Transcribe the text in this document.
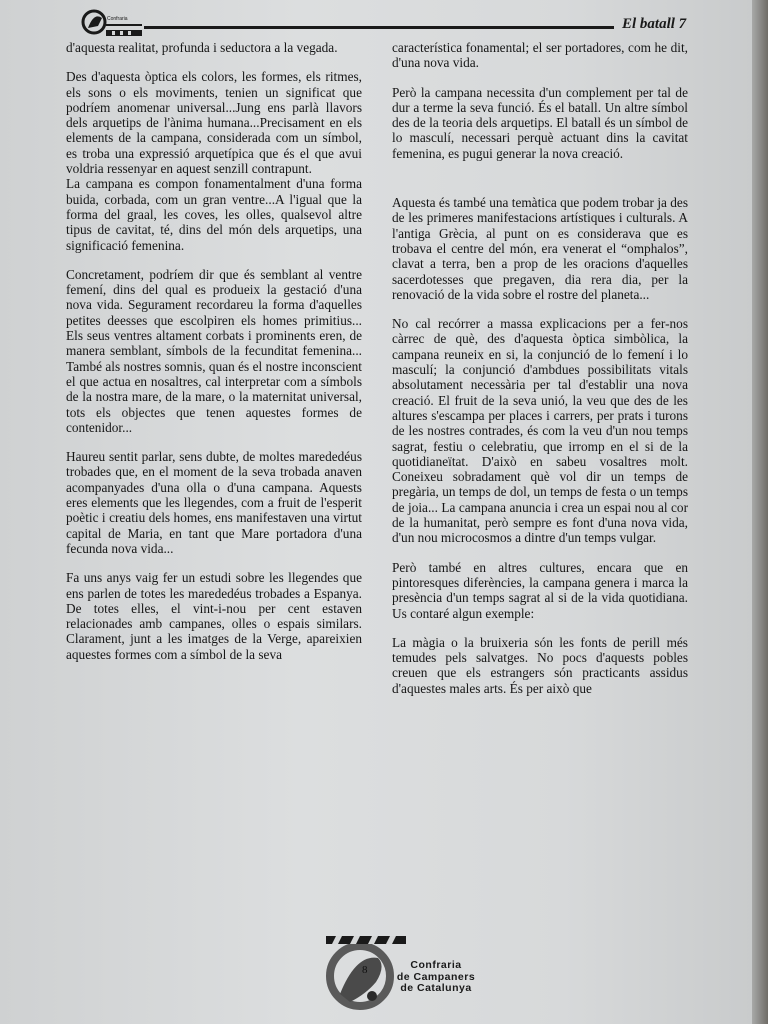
Confraria	El batall 7

d'aquesta realitat, profunda i seductora a la vegada.

Des d'aquesta òptica els colors, les formes, els ritmes, els sons o els moviments, tenien un significat que podríem anomenar universal...Jung ens parlà llavors dels arquetips de l'ànima humana...Precisament en els elements de la campana, considerada com un símbol, es troba una expressió arquetípica que és el que avui voldria ressenyar en aquest senzill contrapunt.

La campana es compon fonamentalment d'una forma buida, corbada, com un gran ventre...A l'igual que la forma del graal, les coves, les olles, qualsevol altre tipus de cavitat, té, dins del món dels arquetips, una significació femenina.

Concretament, podríem dir que és semblant al ventre femení, dins del qual es produeix la gestació d'una nova vida. Segurament recordareu la forma d'aquelles petites deesses que escolpiren els homes primitius... Els seus ventres altament corbats i prominents eren, de manera semblant, símbols de la fecunditat femenina... També als nostres somnis, quan és el nostre inconscient el que actua en nosaltres, cal interpretar com a símbols de la nostra mare, de la mare, o la maternitat universal, tots els objectes que tenen aquestes formes de contenidor...

Haureu sentit parlar, sens dubte, de moltes marededéus trobades que, en el moment de la seva trobada anaven acompanyades d'una olla o d'una campana. Aquests eres elements que les llegendes, com a fruit de l'esperit poètic i creatiu dels homes, ens manifestaven una virtut capital de Maria, en tant que Mare portadora d'una fecunda nova vida...

Fa uns anys vaig fer un estudi sobre les llegendes que ens parlen de totes les marededéus trobades a Espanya. De totes elles, el vint-i-nou per cent estaven relacionades amb campanes, olles o espais similars. Clarament, junt a les imatges de la Verge, apareixien aquestes formes com a símbol de la seva

característica fonamental; el ser portadores, com he dit, d'una nova vida.

Però la campana necessita d'un complement per tal de dur a terme la seva funció. És el batall. Un altre símbol des de la teoria dels arquetips. El batall és un símbol de lo masculí, necessari perquè actuant dins la cavitat femenina, es pugui generar la nova creació.

Aquesta és també una temàtica que podem trobar ja des de les primeres manifestacions artístiques i culturals. A l'antiga Grècia, al punt on es considerava que es trobava el centre del món, era venerat el “omphalos”, clavat a terra, ben a prop de les oracions d'aquelles sacerdotesses que pregaven, dia rera dia, per la renovació de la vida sobre el rostre del planeta...

No cal recórrer a massa explicacions per a fer-nos càrrec de què, des d'aquesta òptica simbòlica, la campana reuneix en si, la conjunció de lo femení i lo masculí; la conjunció d'ambdues possibilitats vitals absolutament necessària per tal d'establir una nova creació. El fruit de la seva unió, la veu que des de les altures s'escampa per places i carrers, per prats i turons de les nostres contrades, és com la veu d'un nou temps sagrat, festiu o celebratiu, que irromp en el si de la quotidianeïtat. D'això en sabeu vosaltres molt. Coneixeu sobradament què vol dir un temps de pregària, un temps de dol, un temps de festa o un temps de joia... La campana anuncia i crea un espai nou al cor de la humanitat, però sempre es font d'una nova vida, d'un nou microcosmos a dintre d'un temps vulgar.

Però també en altres cultures, encara que en pintoresques diferències, la campana genera i marca la presència d'un temps sagrat al si de la vida quotidiana. Us contaré algun exemple:

La màgia o la bruixeria són les fonts de perill més temudes pels salvatges. No pocs d'aquests pobles creuen que els estrangers són practicants assidus d'aquestes males arts. És per això que

8	Confraria
de Campaners
de Catalunya
